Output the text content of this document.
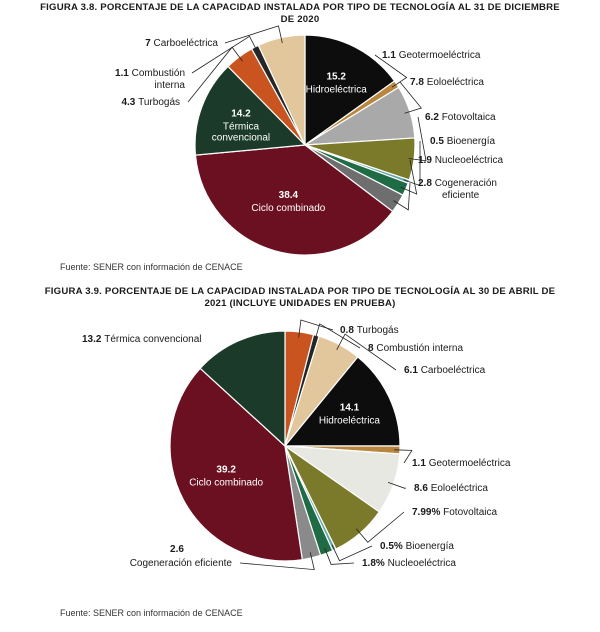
FIGURA 3.8. PORCENTAJE DE LA CAPACIDAD INSTALADA POR TIPO DE TECNOLOGÍA AL 31 DE DICIEMBRE DE 2020
15.2
Hidroeléctrica
1.1 Geotermoeléctrica
7.8 Eoloeléctrica
6.2 Fotovoltaica
0.5 Bioenergía
1.9 Nucleoeléctrica
2.8 Cogeneración
eficiente
38.4
Ciclo combinado
14.2
Térmica
convencional
4.3 Turbogás
1.1 Combustión
interna
7 Carboeléctrica
Fuente: SENER con información de CENACE
FIGURA 3.9. PORCENTAJE DE LA CAPACIDAD INSTALADA POR TIPO DE TECNOLOGÍA AL 30 DE ABRIL DE 2021 (INCLUYE UNIDADES EN PRUEBA)
0.8 Turbogás
8 Combustión interna
6.1 Carboeléctrica
14.1
Hidroeléctrica
1.1 Geotermoeléctrica
8.6 Eoloeléctrica
7.99% Fotovoltaica
0.5% Bioenergía
1.8% Nucleoeléctrica
2.6
Cogeneración eficiente
39.2
Ciclo combinado
13.2 Térmica convencional
Fuente: SENER con información de CENACE
